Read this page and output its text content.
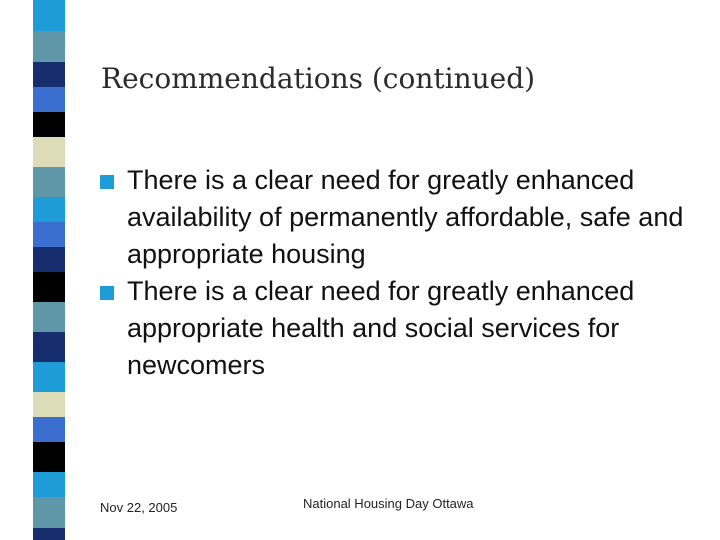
Recommendations (continued)
There is a clear need for greatly enhanced availability of permanently affordable, safe and appropriate housing
There is a clear need for greatly enhanced appropriate health and social services for newcomers
Nov 22, 2005	National Housing Day Ottawa
